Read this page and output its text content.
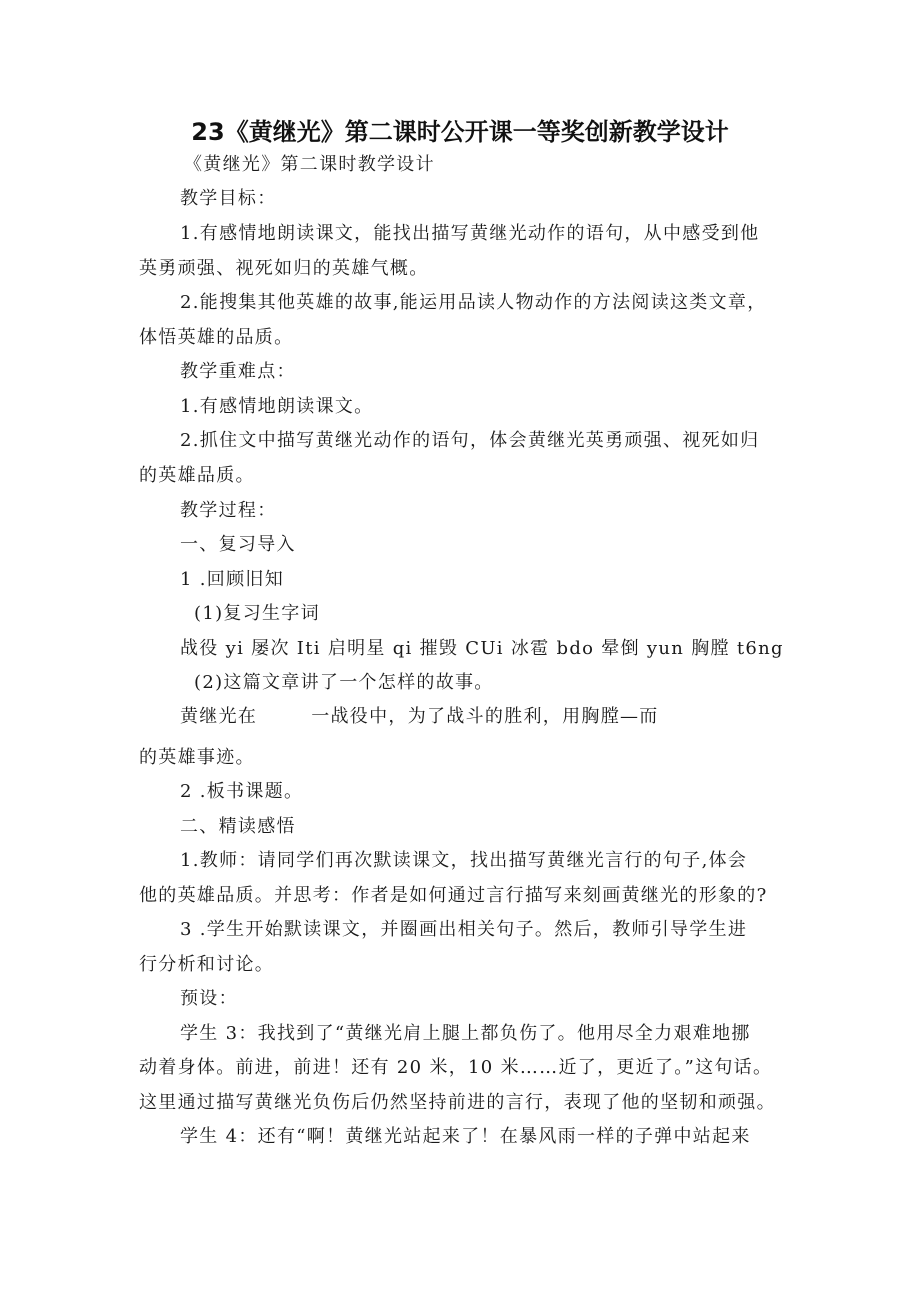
23《黄继光》第二课时公开课一等奖创新教学设计
《黄继光》第二课时教学设计
教学目标：
1.有感情地朗读课文，能找出描写黄继光动作的语句，从中感受到他
英勇顽强、视死如归的英雄气概。
2.能搜集其他英雄的故事,能运用品读人物动作的方法阅读这类文章，
体悟英雄的品质。
教学重难点：
1.有感情地朗读课文。
2.抓住文中描写黄继光动作的语句，体会黄继光英勇顽强、视死如归
的英雄品质。
教学过程：
一、复习导入
1 .回顾旧知
(1)复习生字词
战役 yi 屡次 Iti 启明星 qi 摧毁 CUi 冰雹 bdo 晕倒 yun 胸膛 t6ng
(2)这篇文章讲了一个怎样的故事。
黄继光在	一战役中，为了战斗的胜利，用胸膛—而
的英雄事迹。
2 .板书课题。
二、精读感悟
1.教师：请同学们再次默读课文，找出描写黄继光言行的句子,体会
他的英雄品质。并思考：作者是如何通过言行描写来刻画黄继光的形象的?
3 .学生开始默读课文，并圈画出相关句子。然后，教师引导学生进
行分析和讨论。
预设：
学生 3：我找到了“黄继光肩上腿上都负伤了。他用尽全力艰难地挪
动着身体。前进，前进！还有 20 米，10 米……近了，更近了。”这句话。
这里通过描写黄继光负伤后仍然坚持前进的言行，表现了他的坚韧和顽强。
学生 4：还有“啊！黄继光站起来了！在暴风雨一样的子弹中站起来
